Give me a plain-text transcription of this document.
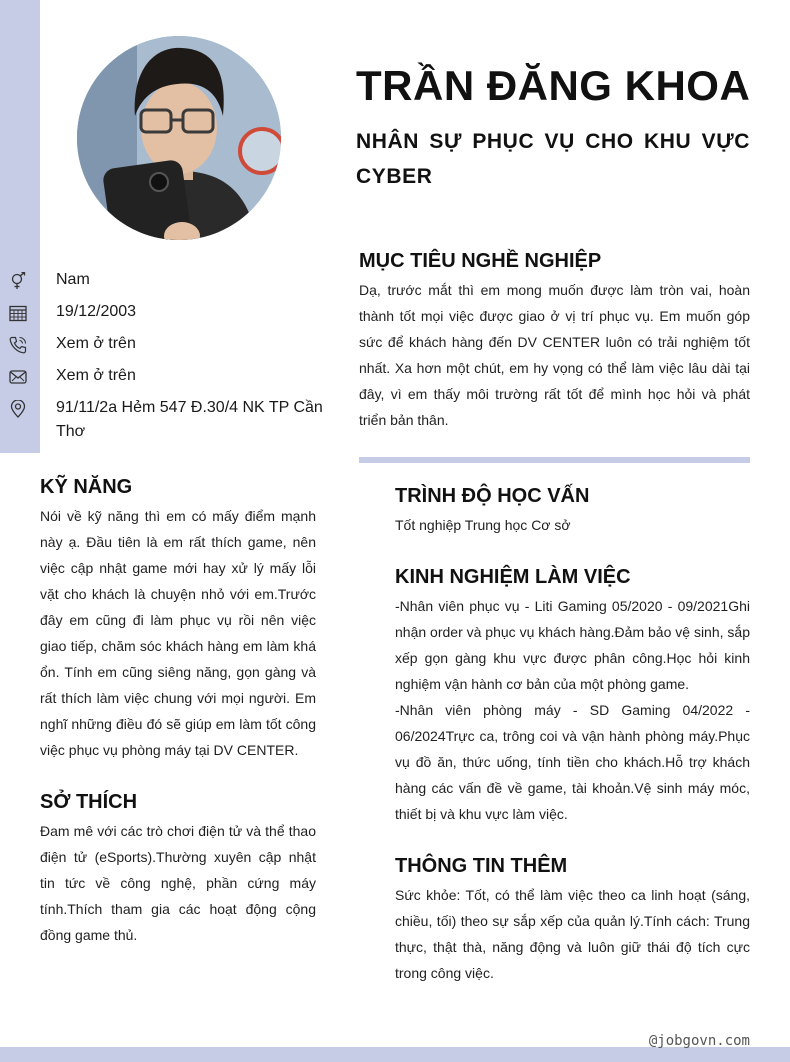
TRẦN ĐĂNG KHOA
NHÂN SỰ PHỤC VỤ CHO KHU VỰC CYBER
Nam
19/12/2003
Xem ở trên
Xem ở trên
91/11/2a Hẻm 547 Đ.30/4 NK TP Cần Thơ
KỸ NĂNG

Nói về kỹ năng thì em có mấy điểm mạnh này ạ. Đầu tiên là em rất thích game, nên việc cập nhật game mới hay xử lý mấy lỗi vặt cho khách là chuyện nhỏ với em.Trước đây em cũng đi làm phục vụ rồi nên việc giao tiếp, chăm sóc khách hàng em làm khá ổn. Tính em cũng siêng năng, gọn gàng và rất thích làm việc chung với mọi người. Em nghĩ những điều đó sẽ giúp em làm tốt công việc phục vụ phòng máy tại DV CENTER.

SỞ THÍCH

Đam mê với các trò chơi điện tử và thể thao điện tử (eSports).Thường xuyên cập nhật tin tức về công nghệ, phần cứng máy tính.Thích tham gia các hoạt động cộng đồng game thủ.

MỤC TIÊU NGHỀ NGHIỆP

Dạ, trước mắt thì em mong muốn được làm tròn vai, hoàn thành tốt mọi việc được giao ở vị trí phục vụ. Em muốn góp sức để khách hàng đến DV CENTER luôn có trải nghiệm tốt nhất. Xa hơn một chút, em hy vọng có thể làm việc lâu dài tại đây, vì em thấy môi trường rất tốt để mình học hỏi và phát triển bản thân.

TRÌNH ĐỘ HỌC VẤN

Tốt nghiệp Trung học Cơ sở

KINH NGHIỆM LÀM VIỆC

-Nhân viên phục vụ - Liti Gaming 05/2020 - 09/2021Ghi nhận order và phục vụ khách hàng.Đảm bảo vệ sinh, sắp xếp gọn gàng khu vực được phân công.Học hỏi kinh nghiệm vận hành cơ bản của một phòng game.

-Nhân viên phòng máy - SD Gaming 04/2022 - 06/2024Trực ca, trông coi và vận hành phòng máy.Phục vụ đồ ăn, thức uống, tính tiền cho khách.Hỗ trợ khách hàng các vấn đề về game, tài khoản.Vệ sinh máy móc, thiết bị và khu vực làm việc.

THÔNG TIN THÊM

Sức khỏe: Tốt, có thể làm việc theo ca linh hoạt (sáng, chiều, tối) theo sự sắp xếp của quản lý.Tính cách: Trung thực, thật thà, năng động và luôn giữ thái độ tích cực trong công việc.

@jobgovn.com
